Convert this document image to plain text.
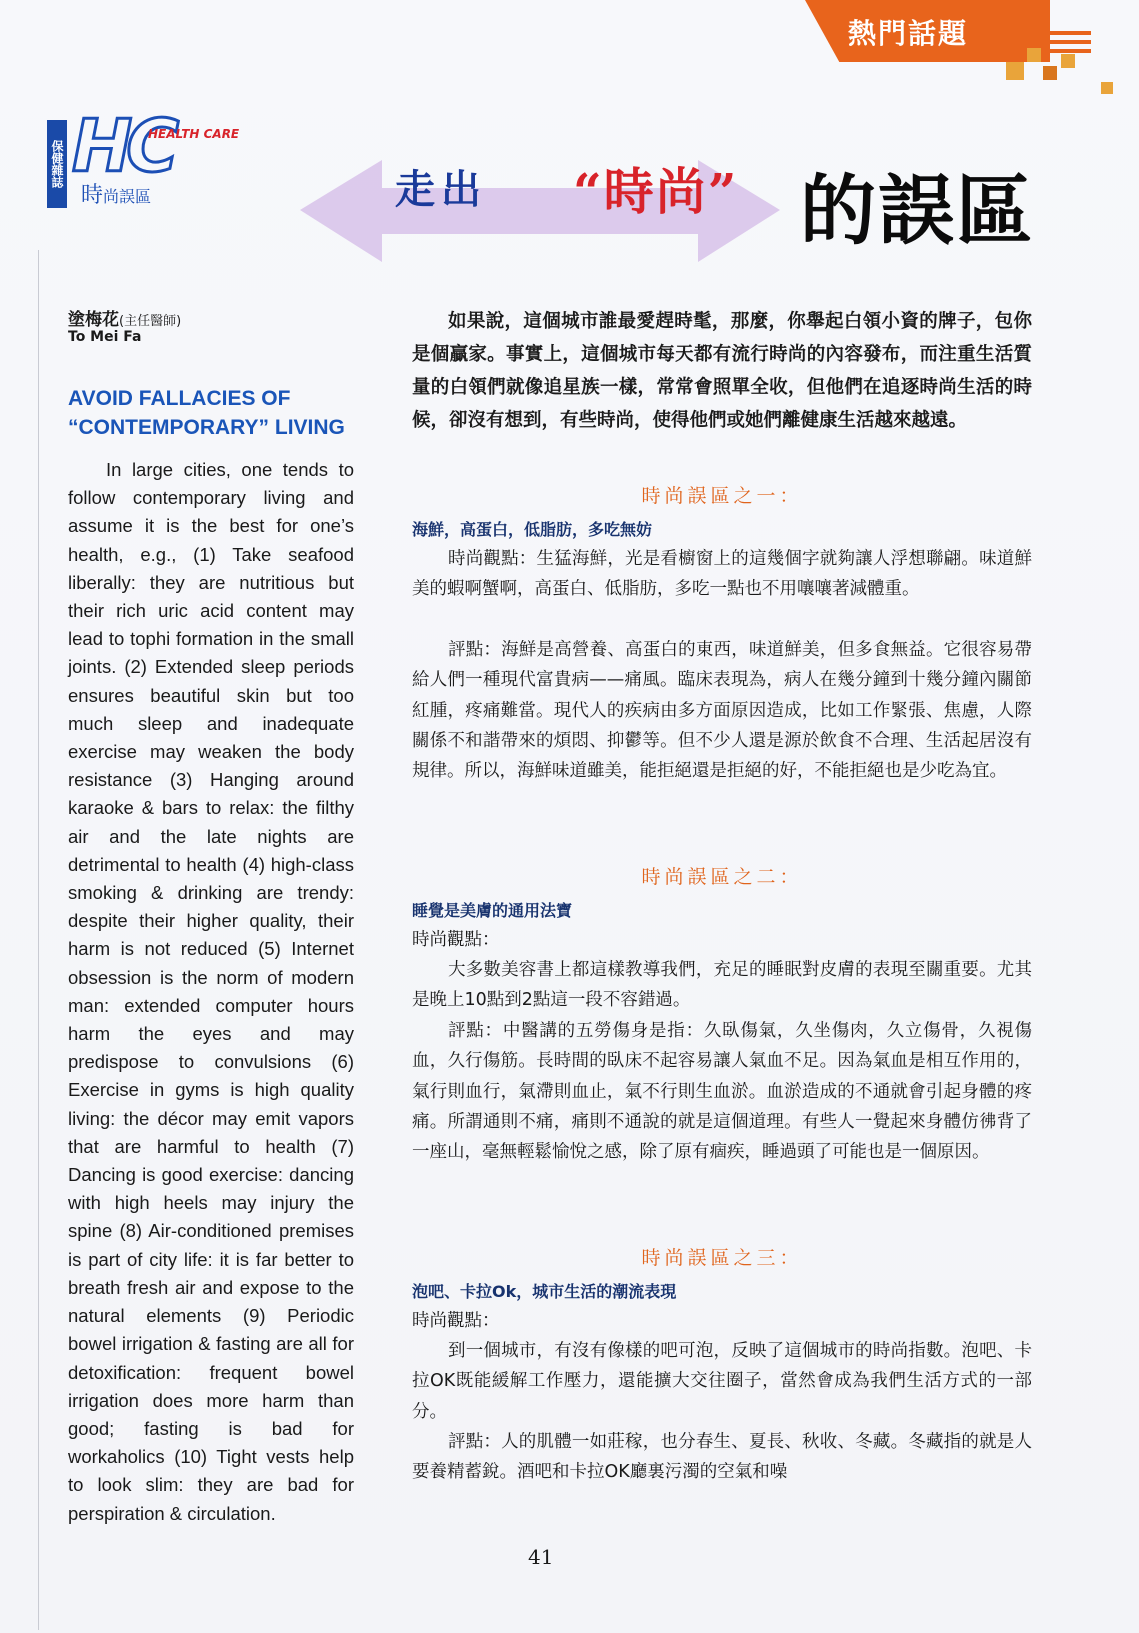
熱門話題
保健雜誌 HC
HEALTH CARE
時尚誤區	走出 “時尚” 的誤區
塗梅花(主任醫師)
To Mei Fa
AVOID FALLACIES OF
“CONTEMPORARY” LIVING

In large cities, one tends to follow contemporary living and assume it is the best for one’s health, e.g., (1) Take seafood liberally: they are nutritious but their rich uric acid content may lead to tophi formation in the small joints. (2) Extended sleep periods ensures beautiful skin but too much sleep and inadequate exercise may weaken the body resistance (3) Hanging around karaoke & bars to relax: the filthy air and the late nights are detrimental to health (4) high-class smoking & drinking are trendy: despite their higher quality, their harm is not reduced (5) Internet obsession is the norm of modern man: extended computer hours harm the eyes and may predispose to convulsions (6) Exercise in gyms is high quality living: the décor may emit vapors that are harmful to health (7) Dancing is good exercise: dancing with high heels may injury the spine (8) Air-conditioned premises is part of city life: it is far better to breath fresh air and expose to the natural elements (9) Periodic bowel irrigation & fasting are all for detoxification: frequent bowel irrigation does more harm than good; fasting is bad for workaholics (10) Tight vests help to look slim: they are bad for perspiration & circulation.

如果說，這個城市誰最愛趕時髦，那麼，你舉起白領小資的牌子，包你是個贏家。事實上，這個城市每天都有流行時尚的內容發布，而注重生活質量的白領們就像追星族一樣，常常會照單全收，但他們在追逐時尚生活的時候，卻沒有想到，有些時尚，使得他們或她們離健康生活越來越遠。

時尚誤區之一：
海鮮，高蛋白，低脂肪，多吃無妨

時尚觀點：生猛海鮮，光是看櫥窗上的這幾個字就夠讓人浮想聯翩。味道鮮美的蝦啊蟹啊，高蛋白、低脂肪，多吃一點也不用嚷嚷著減體重。

評點：海鮮是高營養、高蛋白的東西，味道鮮美，但多食無益。它很容易帶給人們一種現代富貴病——痛風。臨床表現為，病人在幾分鐘到十幾分鐘內關節紅腫，疼痛難當。現代人的疾病由多方面原因造成，比如工作緊張、焦慮，人際關係不和諧帶來的煩悶、抑鬱等。但不少人還是源於飲食不合理、生活起居沒有規律。所以，海鮮味道雖美，能拒絕還是拒絕的好，不能拒絕也是少吃為宜。

時尚誤區之二：
睡覺是美膚的通用法寶

時尚觀點：

大多數美容書上都這樣教導我們，充足的睡眠對皮膚的表現至關重要。尤其是晚上10點到2點這一段不容錯過。

評點：中醫講的五勞傷身是指：久臥傷氣，久坐傷肉，久立傷骨，久視傷血，久行傷筋。長時間的臥床不起容易讓人氣血不足。因為氣血是相互作用的，氣行則血行，氣滯則血止，氣不行則生血淤。血淤造成的不通就會引起身體的疼痛。所謂通則不痛，痛則不通說的就是這個道理。有些人一覺起來身體仿彿背了一座山，毫無輕鬆愉悅之感，除了原有痼疾，睡過頭了可能也是一個原因。

時尚誤區之三：
泡吧、卡拉Ok，城市生活的潮流表現

時尚觀點：

到一個城市，有沒有像樣的吧可泡，反映了這個城市的時尚指數。泡吧、卡拉OK既能緩解工作壓力，還能擴大交往圈子，當然會成為我們生活方式的一部分。

評點：人的肌體一如莊稼，也分春生、夏長、秋收、冬藏。冬藏指的就是人要養精蓄銳。酒吧和卡拉OK廳裏污濁的空氣和噪

41
